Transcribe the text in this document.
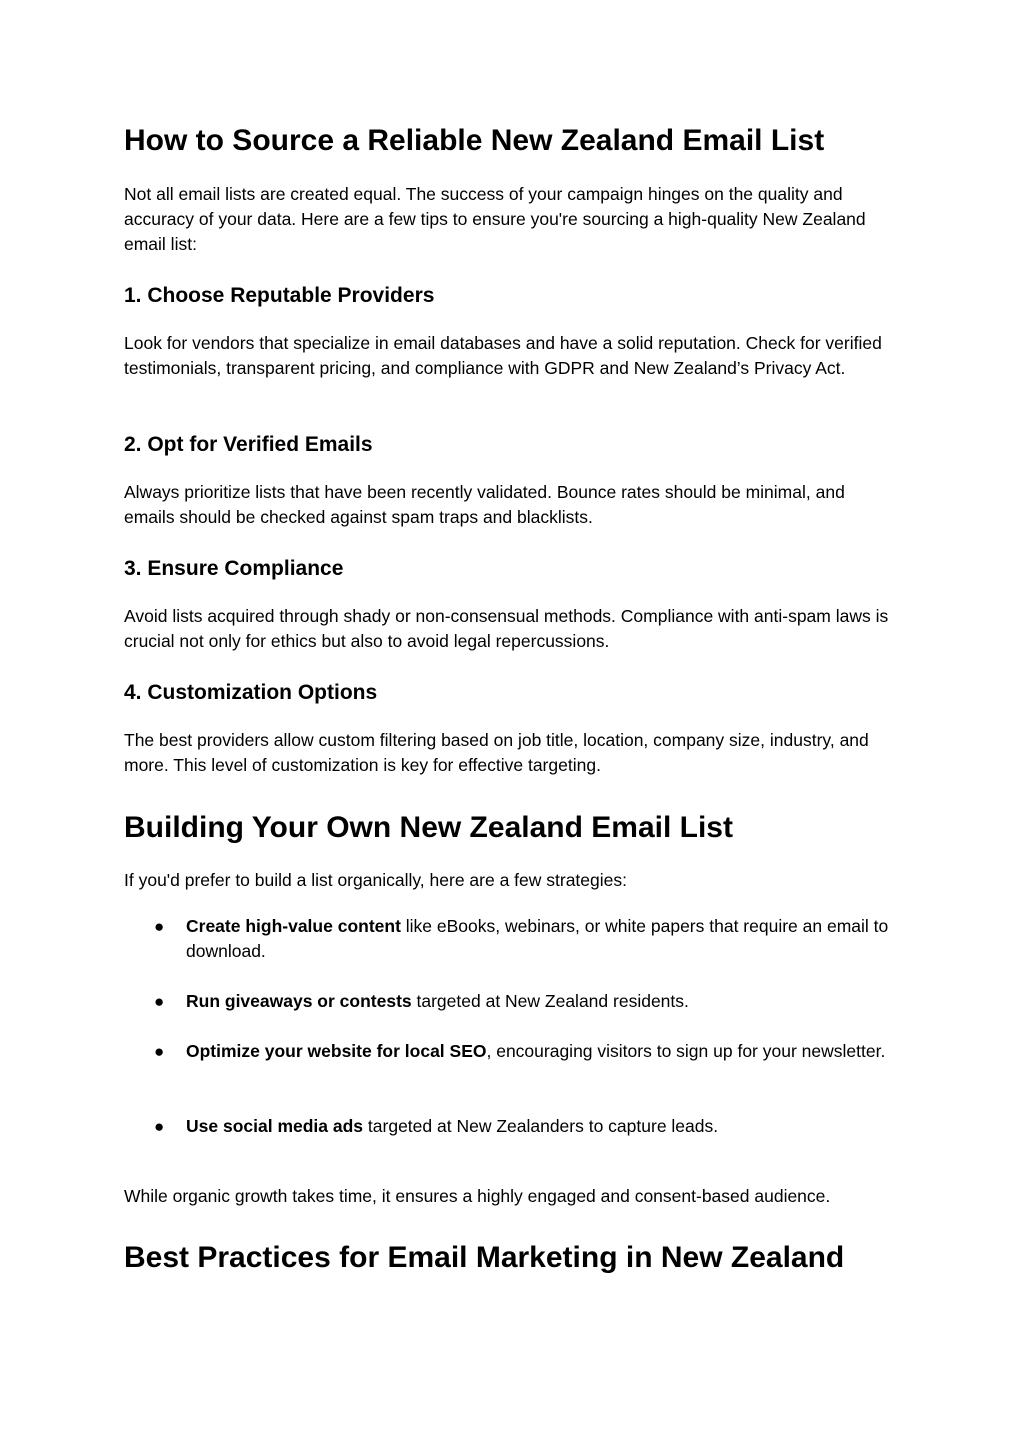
How to Source a Reliable New Zealand Email List

Not all email lists are created equal. The success of your campaign hinges on the quality and accuracy of your data. Here are a few tips to ensure you're sourcing a high-quality New Zealand email list:

1. Choose Reputable Providers

Look for vendors that specialize in email databases and have a solid reputation. Check for verified testimonials, transparent pricing, and compliance with GDPR and New Zealand’s Privacy Act.

2. Opt for Verified Emails

Always prioritize lists that have been recently validated. Bounce rates should be minimal, and emails should be checked against spam traps and blacklists.

3. Ensure Compliance

Avoid lists acquired through shady or non-consensual methods. Compliance with anti-spam laws is crucial not only for ethics but also to avoid legal repercussions.

4. Customization Options

The best providers allow custom filtering based on job title, location, company size, industry, and more. This level of customization is key for effective targeting.

Building Your Own New Zealand Email List

If you'd prefer to build a list organically, here are a few strategies:

● Create high-value content like eBooks, webinars, or white papers that require an email to download.
● Run giveaways or contests targeted at New Zealand residents.
● Optimize your website for local SEO, encouraging visitors to sign up for your newsletter.
● Use social media ads targeted at New Zealanders to capture leads.

While organic growth takes time, it ensures a highly engaged and consent-based audience.

Best Practices for Email Marketing in New Zealand
